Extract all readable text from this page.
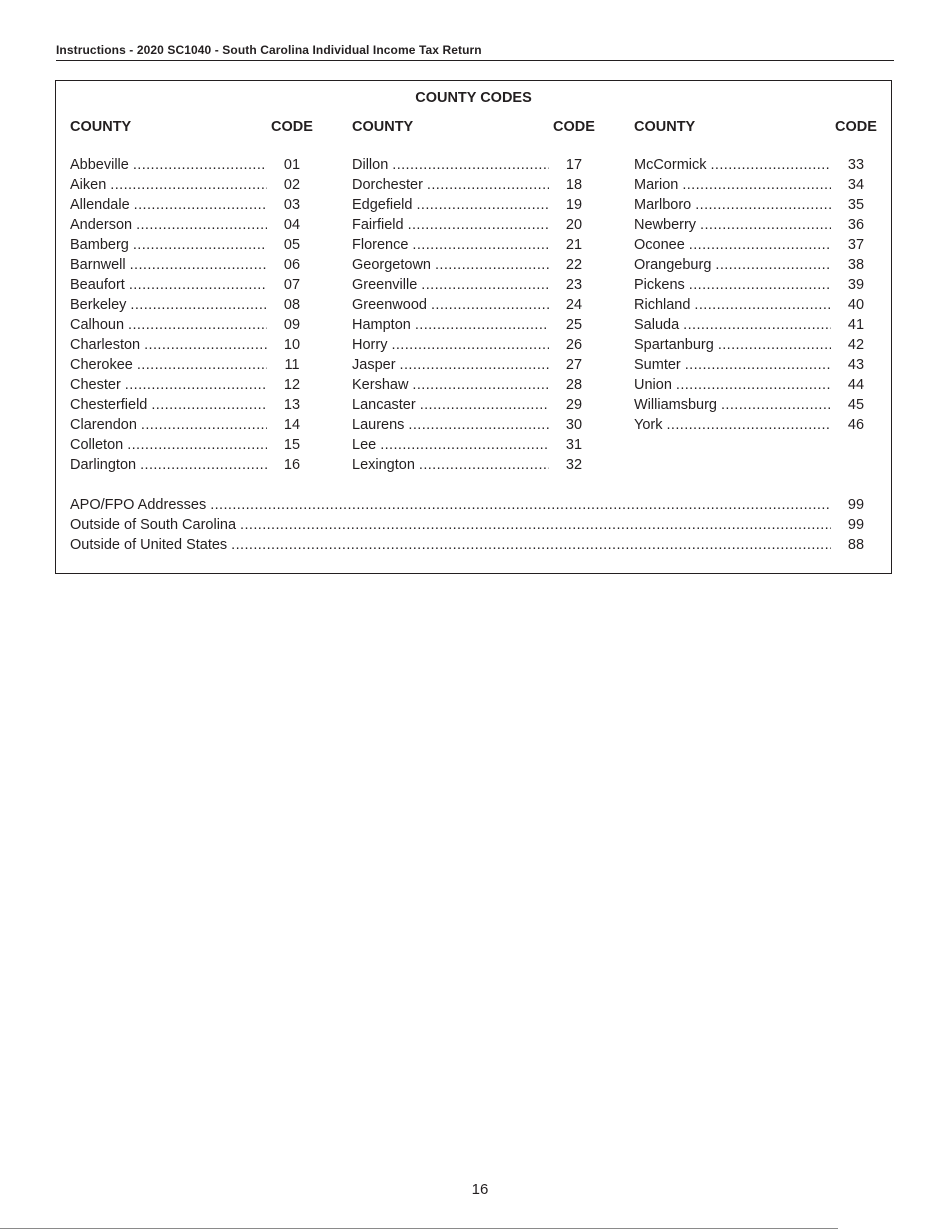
Instructions - 2020 SC1040 - South Carolina Individual Income Tax Return
COUNTY CODES
COUNTY	CODE	COUNTY	CODE	COUNTY	CODE
Abbeville .....	01
Aiken .....	02
Allendale .....	03
Anderson .....	04
Bamberg .....	05
Barnwell .....	06
Beaufort .....	07
Berkeley .....	08
Calhoun .....	09
Charleston .....	10
Cherokee .....	11
Chester .....	12
Chesterfield .....	13
Clarendon .....	14
Colleton .....	15
Darlington .....	16
Dillon .....	17
Dorchester .....	18
Edgefield .....	19
Fairfield .....	20
Florence .....	21
Georgetown .....	22
Greenville .....	23
Greenwood .....	24
Hampton .....	25
Horry .....	26
Jasper .....	27
Kershaw .....	28
Lancaster .....	29
Laurens .....	30
Lee .....	31
Lexington .....	32
McCormick .....	33
Marion .....	34
Marlboro .....	35
Newberry .....	36
Oconee .....	37
Orangeburg .....	38
Pickens .....	39
Richland .....	40
Saluda .....	41
Spartanburg .....	42
Sumter .....	43
Union .....	44
Williamsburg .....	45
York .....	46
APO/FPO Addresses .....	99
Outside of South Carolina .....	99
Outside of United States .....	88
16
